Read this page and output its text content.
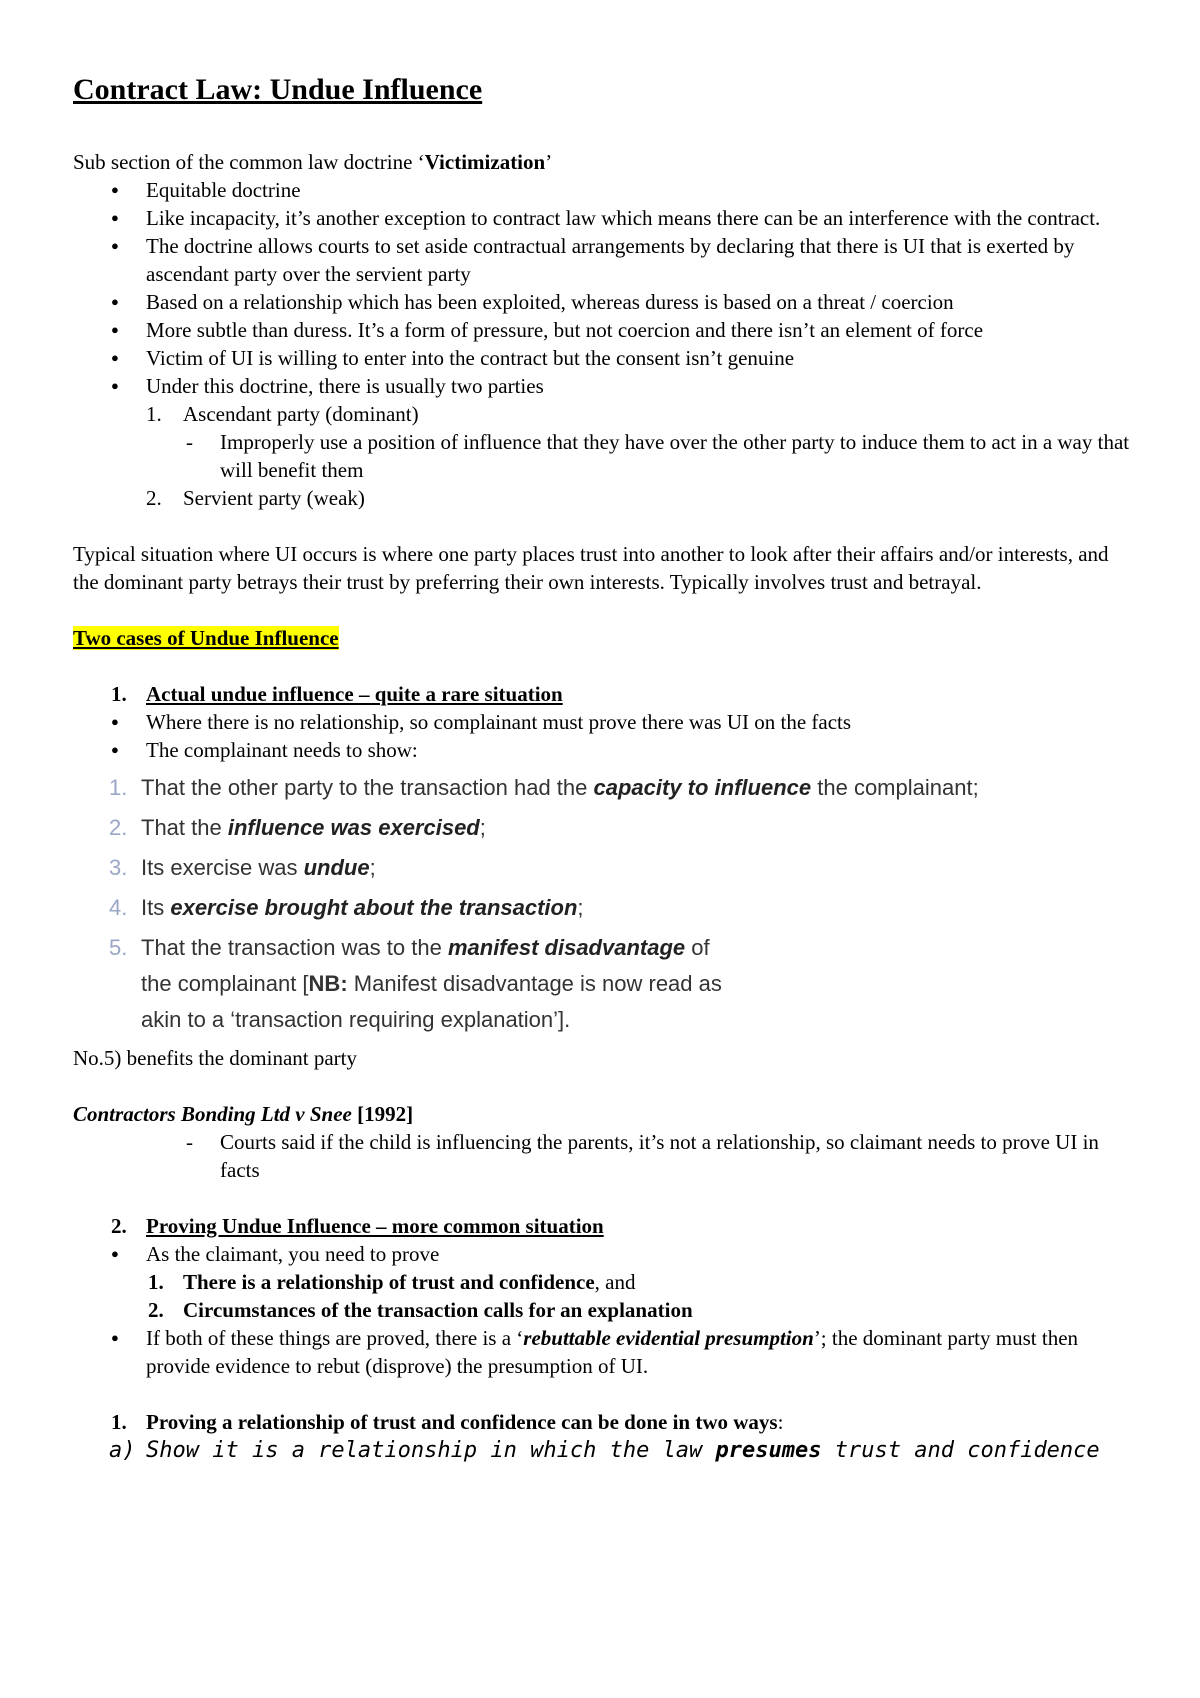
Contract Law: Undue Influence

Sub section of the common law doctrine ‘Victimization’

● Equitable doctrine
● Like incapacity, it’s another exception to contract law which means there can be an interference with the contract.
● The doctrine allows courts to set aside contractual arrangements by declaring that there is UI that is exerted by ascendant party over the servient party
● Based on a relationship which has been exploited, whereas duress is based on a threat / coercion
● More subtle than duress. It’s a form of pressure, but not coercion and there isn’t an element of force
● Victim of UI is willing to enter into the contract but the consent isn’t genuine
● Under this doctrine, there is usually two parties
1. Ascendant party (dominant)
- Improperly use a position of influence that they have over the other party to induce them to act in a way that will benefit them
2. Servient party (weak)

Typical situation where UI occurs is where one party places trust into another to look after their affairs and/or interests, and the dominant party betrays their trust by preferring their own interests. Typically involves trust and betrayal.

Two cases of Undue Influence

1. Actual undue influence – quite a rare situation
● Where there is no relationship, so complainant must prove there was UI on the facts
● The complainant needs to show:
1. That the other party to the transaction had the capacity to influence the complainant;
2. That the influence was exercised;
3. Its exercise was undue;
4. Its exercise brought about the transaction;
5. That the transaction was to the manifest disadvantage of
the complainant [NB: Manifest disadvantage is now read as
akin to a ‘transaction requiring explanation’].

No.5) benefits the dominant party

Contractors Bonding Ltd v Snee [1992]

- Courts said if the child is influencing the parents, it’s not a relationship, so claimant needs to prove UI in facts
2. Proving Undue Influence – more common situation
● As the claimant, you need to prove
1. There is a relationship of trust and confidence, and
2. Circumstances of the transaction calls for an explanation
● If both of these things are proved, there is a ‘rebuttable evidential presumption’; the dominant party must then provide evidence to rebut (disprove) the presumption of UI.
1. Proving a relationship of trust and confidence can be done in two ways:
a) Show it is a relationship in which the law presumes trust and confidence
